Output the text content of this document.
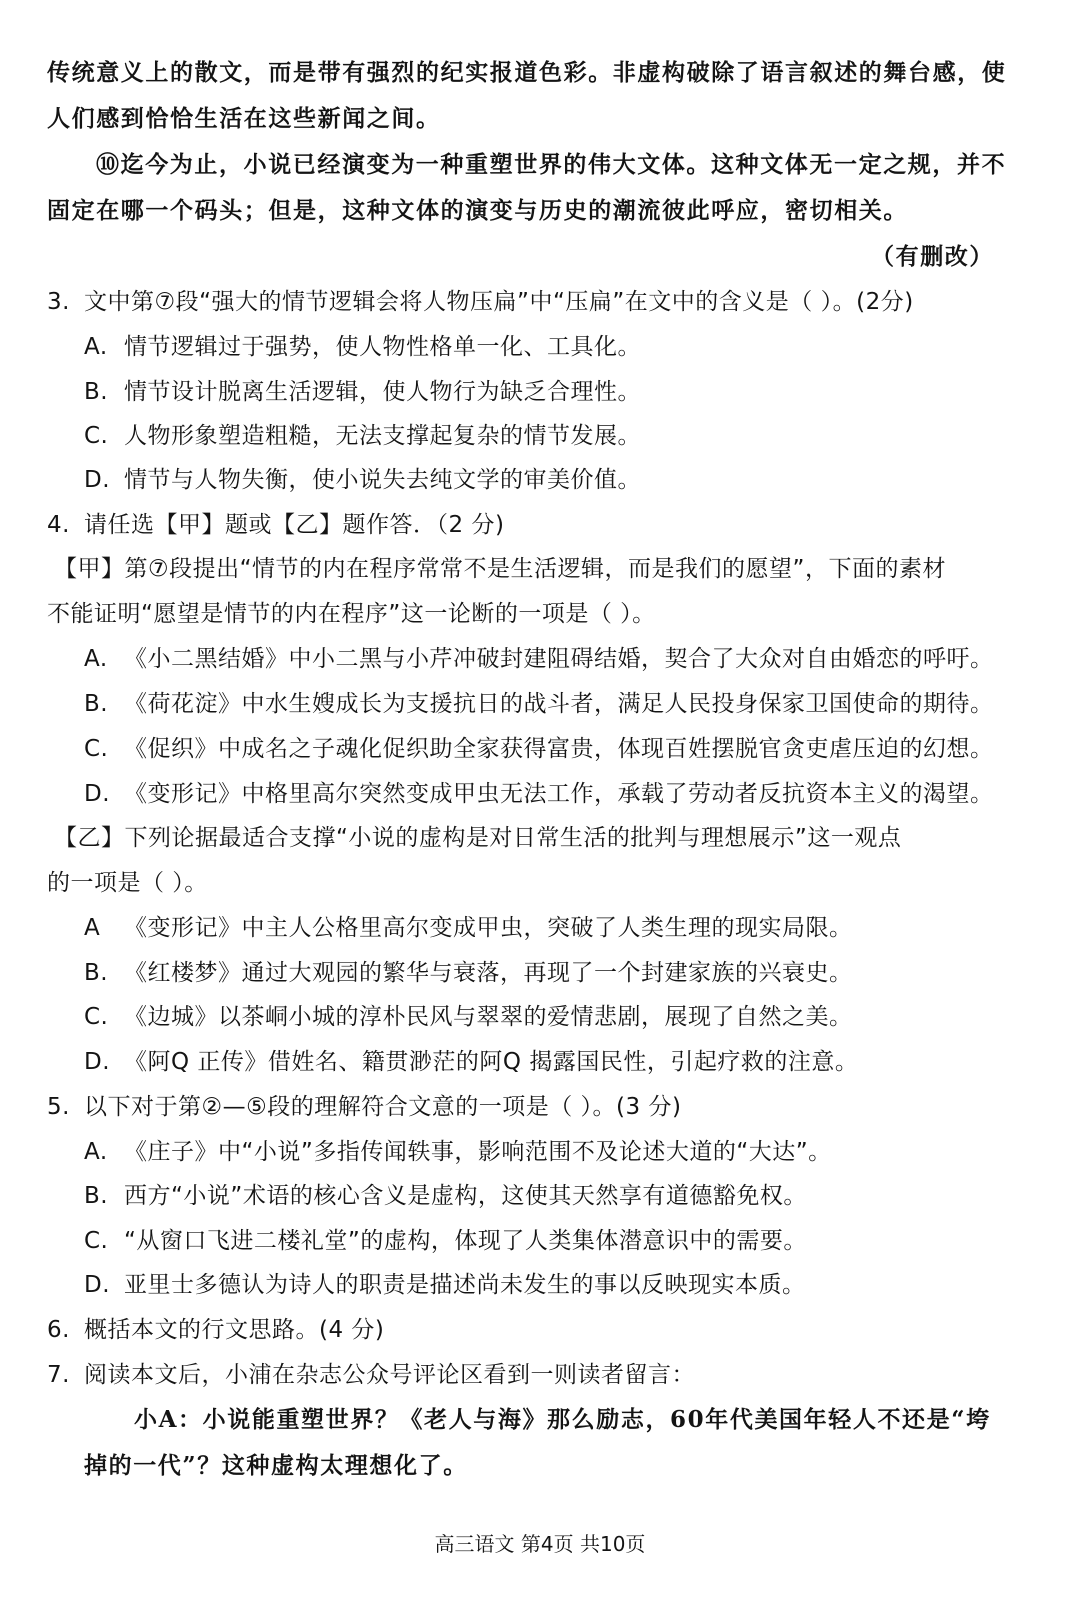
传统意义上的散文，而是带有强烈的纪实报道色彩。非虚构破除了语言叙述的舞台感，使
人们感到恰恰生活在这些新闻之间。
⑩迄今为止，小说已经演变为一种重塑世界的伟大文体。这种文体无一定之规，并不
固定在哪一个码头；但是，这种文体的演变与历史的潮流彼此呼应，密切相关。
（有删改）
3. 文中第⑦段“强大的情节逻辑会将人物压扁”中“压扁”在文中的含义是（ ）。(2分)
A. 情节逻辑过于强势，使人物性格单一化、工具化。
B. 情节设计脱离生活逻辑，使人物行为缺乏合理性。
C. 人物形象塑造粗糙，无法支撑起复杂的情节发展。
D. 情节与人物失衡，使小说失去纯文学的审美价值。
4. 请任选【甲】题或【乙】题作答．（2 分)
【甲】第⑦段提出“情节的内在程序常常不是生活逻辑，而是我们的愿望”，下面的素材
不能证明“愿望是情节的内在程序”这一论断的一项是（ ）。
A. 《小二黑结婚》中小二黑与小芹冲破封建阻碍结婚，契合了大众对自由婚恋的呼吁。
B. 《荷花淀》中水生嫂成长为支援抗日的战斗者，满足人民投身保家卫国使命的期待。
C. 《促织》中成名之子魂化促织助全家获得富贵，体现百姓摆脱官贪吏虐压迫的幻想。
D. 《变形记》中格里高尔突然变成甲虫无法工作，承载了劳动者反抗资本主义的渴望。
【乙】下列论据最适合支撑“小说的虚构是对日常生活的批判与理想展示”这一观点
的一项是（ ）。
A 《变形记》中主人公格里高尔变成甲虫，突破了人类生理的现实局限。
B. 《红楼梦》通过大观园的繁华与衰落，再现了一个封建家族的兴衰史。
C. 《边城》以茶峒小城的淳朴民风与翠翠的爱情悲剧，展现了自然之美。
D. 《阿Q 正传》借姓名、籍贯渺茫的阿Q 揭露国民性，引起疗救的注意。
5. 以下对于第②—⑤段的理解符合文意的一项是（ ）。(3 分)
A. 《庄子》中“小说”多指传闻轶事，影响范围不及论述大道的“大达”。
B. 西方“小说”术语的核心含义是虚构，这使其天然享有道德豁免权。
C. “从窗口飞进二楼礼堂”的虚构，体现了人类集体潜意识中的需要。
D. 亚里士多德认为诗人的职责是描述尚未发生的事以反映现实本质。
6. 概括本文的行文思路。(4 分)
7. 阅读本文后，小浦在杂志公众号评论区看到一则读者留言：
小A：小说能重塑世界？《老人与海》那么励志，60年代美国年轻人不还是“垮
掉的一代”？这种虚构太理想化了。
高三语文 第4页 共10页
